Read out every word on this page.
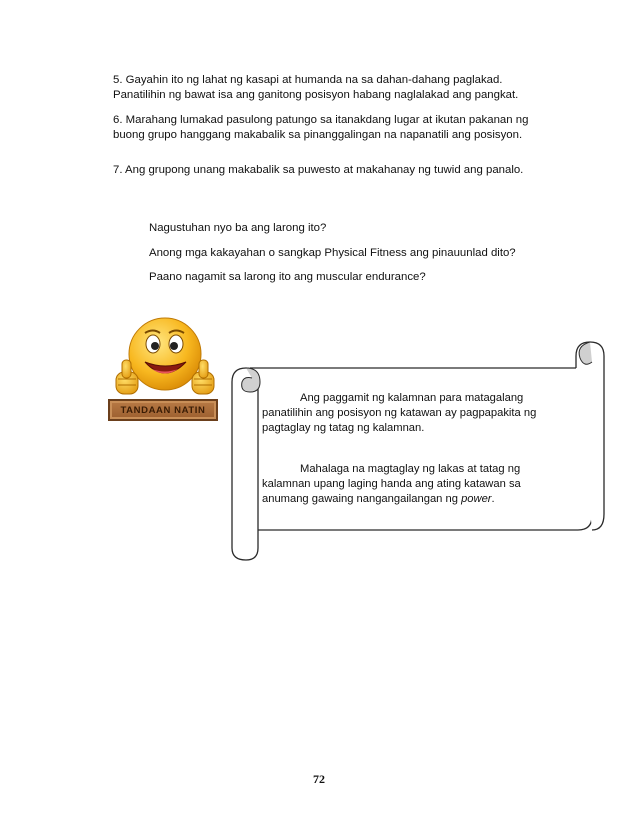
5. Gayahin ito ng lahat ng kasapi at humanda na sa dahan-dahang paglakad. Panatilihin ng bawat isa ang ganitong posisyon habang naglalakad ang pangkat.

6. Marahang lumakad pasulong patungo sa itanakdang lugar at ikutan pakanan ng buong grupo hanggang makabalik sa pinanggalingan na napanatili ang posisyon.

7. Ang grupong unang makabalik sa puwesto at makahanay ng tuwid ang panalo.

Nagustuhan nyo ba ang larong ito?

Anong mga kakayahan o sangkap Physical Fitness ang pinauunlad dito?

Paano nagamit sa larong ito ang muscular endurance?

TANDAAN NATIN

Ang paggamit ng kalamnan para matagalang panatilihin ang posisyon ng katawan ay pagpapakita ng pagtaglay ng tatag ng kalamnan.

Mahalaga na magtaglay ng lakas at tatag ng kalamnan upang laging handa ang ating katawan sa anumang gawaing nangangailangan ng power.

72
